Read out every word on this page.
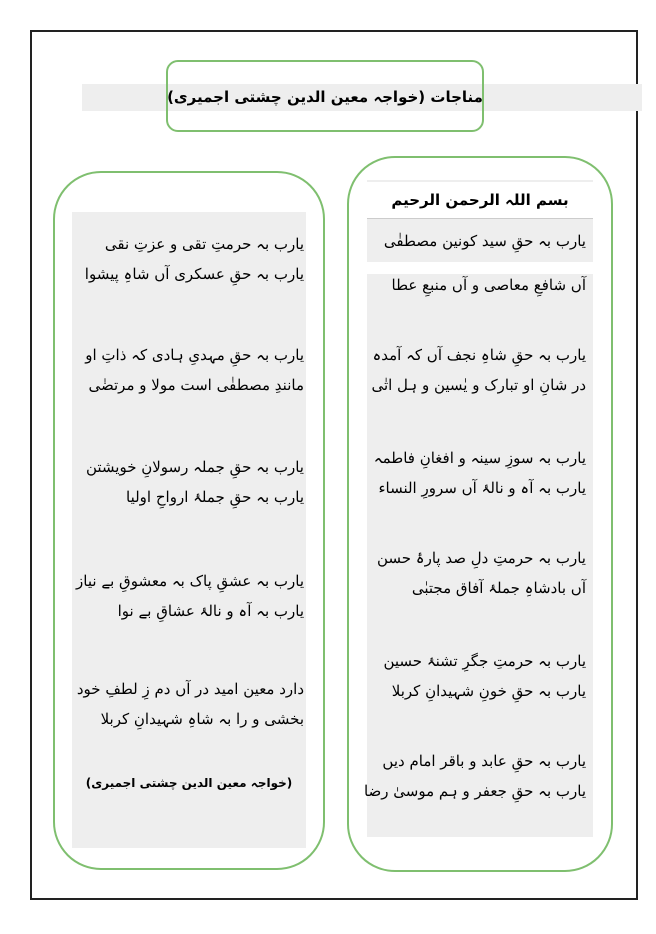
مناجات (خواجہ معین الدین چشتی اجمیری)
بسم اللہ الرحمن الرحیم
یارب بہ حقِ سید کونین مصطفٰی
آں شافعِ معاصی و آں منبعِ عطا
یارب بہ حقِ شاہِ نجف آں کہ آمدہ
در شانِ او تبارک و یٰسین و ہل اتٰی
یارب بہ سوزِ سینہ و افغانِ فاطمہ
یارب بہ آہ و نالۂ آں سرورِ النساء
یارب بہ حرمتِ دلِ صد پارۂ حسن
آں بادشاہِ جملۂ آفاق مجتبٰی
یارب بہ حرمتِ جگرِ تشنۂ حسین
یارب بہ حقِ خونِ شہیدانِ کربلا
یارب بہ حقِ عابد و باقر امام دیں
یارب بہ حقِ جعفر و ہم موسیٰ رضا
یارب بہ حرمتِ تقی و عزتِ نقی
یارب بہ حقِ عسکری آں شاہِ پیشوا
یارب بہ حقِ مہدیِ ہادی کہ ذاتِ او
مانندِ مصطفٰی است مولا و مرتضٰی
یارب بہ حقِ جملہ رسولانِ خویشتن
یارب بہ حقِ جملۂ ارواحِ اولیا
یارب بہ عشقِ پاک بہ معشوقِ بے نیاز
یارب بہ آہ و نالۂ عشاقِ بے نوا
دارد معین امید در آں دم زِ لطفِ خود
بخشی و را بہ شاہِ شہیدانِ کربلا
(خواجہ معین الدین چشتی اجمیری)
